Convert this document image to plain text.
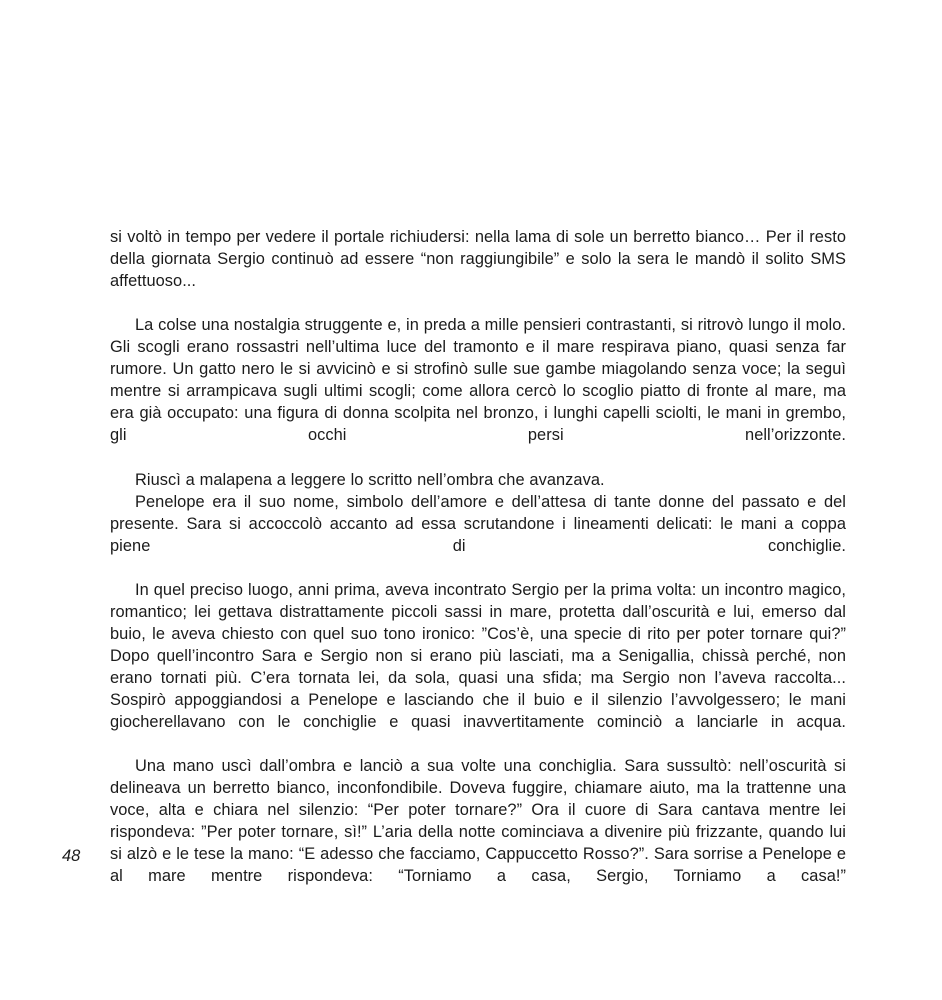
si voltò in tempo per vedere il portale richiudersi: nella lama di sole un berretto bianco… Per il resto della giornata Sergio continuò ad essere “non raggiungibile” e solo la sera le mandò il solito SMS affettuoso...

La colse una nostalgia struggente e, in preda a mille pensieri contrastanti, si ritrovò lungo il molo. Gli scogli erano rossastri nell’ultima luce del tramonto e il mare respirava piano, quasi senza far rumore. Un gatto nero le si avvicinò e si strofinò sulle sue gambe miagolando senza voce; la seguì mentre si arrampicava sugli ultimi scogli; come allora cercò lo scoglio piatto di fronte al mare, ma era già occupato: una figura di donna scolpita nel bronzo, i lunghi capelli sciolti, le mani in grembo, gli occhi persi nell’orizzonte.

Riuscì a malapena a leggere lo scritto nell’ombra che avanzava.

Penelope era il suo nome, simbolo dell’amore e dell’attesa di tante donne del passato e del presente. Sara si accoccolò accanto ad essa scrutandone i lineamenti delicati: le mani a coppa piene di conchiglie.

In quel preciso luogo, anni prima, aveva incontrato Sergio per la prima volta: un incontro magico, romantico; lei gettava distrattamente piccoli sassi in mare, protetta dall’oscurità e lui, emerso dal buio, le aveva chiesto con quel suo tono ironico: ”Cos’è, una specie di rito per poter tornare qui?” Dopo quell’incontro Sara e Sergio non si erano più lasciati, ma a Senigallia, chissà perché, non erano tornati più. C’era tornata lei, da sola, quasi una sfida; ma Sergio non l’aveva raccolta... Sospirò appoggiandosi a Penelope e lasciando che il buio e il silenzio l’avvolgessero; le mani giocherellavano con le conchiglie e quasi inavvertitamente cominciò a lanciarle in acqua.

Una mano uscì dall’ombra e lanciò a sua volte una conchiglia. Sara sussultò: nell’oscurità si delineava un berretto bianco, inconfondibile. Doveva fuggire, chiamare aiuto, ma la trattenne una voce, alta e chiara nel silenzio: “Per poter tornare?” Ora il cuore di Sara cantava mentre lei rispondeva: ”Per poter tornare, sì!” L’aria della notte cominciava a divenire più frizzante, quando lui si alzò e le tese la mano: “E adesso che facciamo, Cappuccetto Rosso?”. Sara sorrise a Penelope e al mare mentre rispondeva: “Torniamo a casa, Sergio, Torniamo a casa!”

48
